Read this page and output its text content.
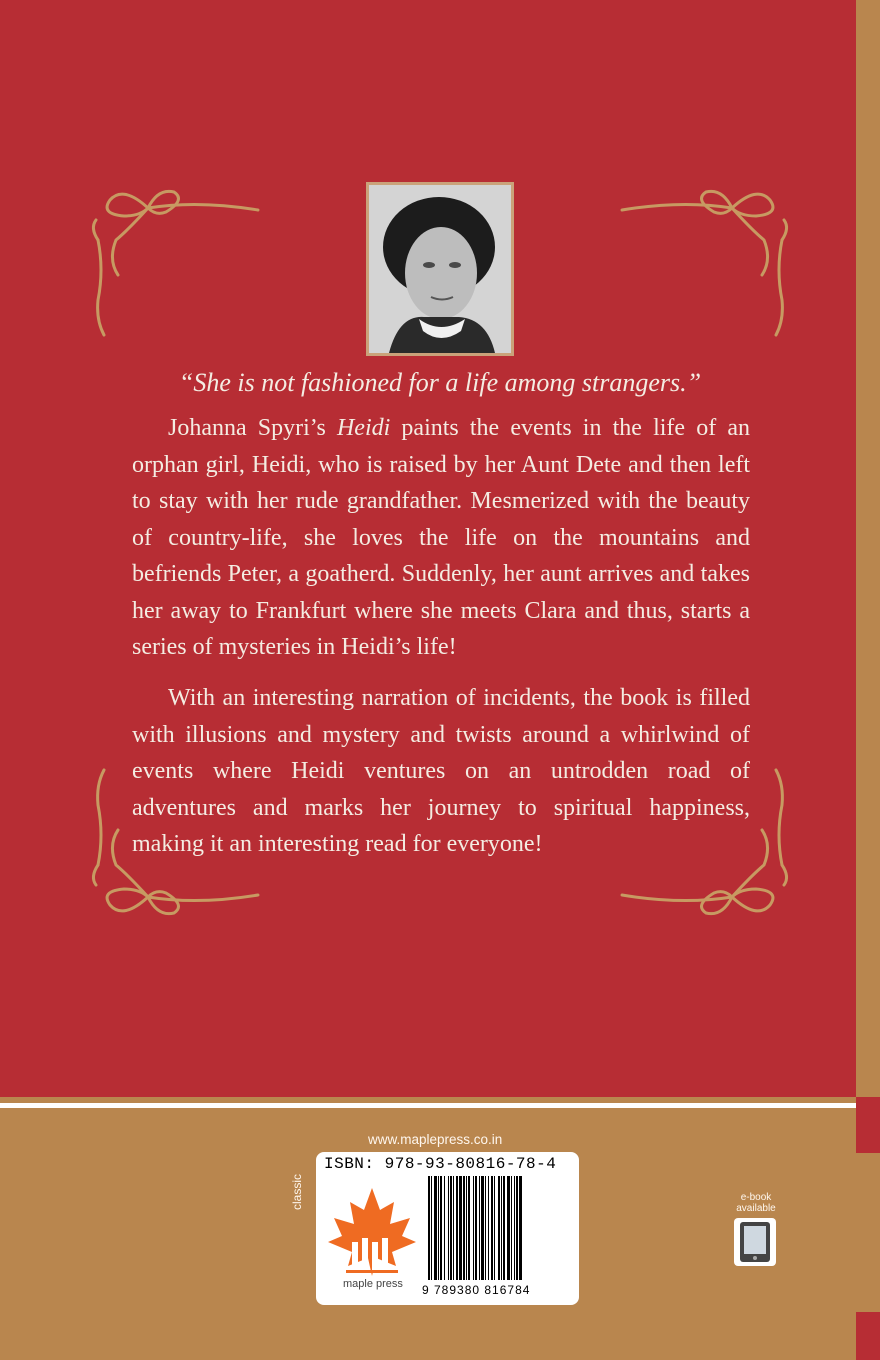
“She is not fashioned for a life among strangers.”

Johanna Spyri’s Heidi paints the events in the life of an orphan girl, Heidi, who is raised by her Aunt Dete and then left to stay with her rude grandfather. Mesmerized with the beauty of country-life, she loves the life on the mountains and befriends Peter, a goatherd. Suddenly, her aunt arrives and takes her away to Frankfurt where she meets Clara and thus, starts a series of mysteries in Heidi’s life!

With an interesting narration of incidents, the book is filled with illusions and mystery and twists around a whirlwind of events where Heidi ventures on an untrodden road of adventures and marks her journey to spiritual happiness, making it an interesting read for everyone!

www.maplepress.co.in
classic
ISBN: 978-93-80816-78-4
maple press 9 789380 816784
e-book available
